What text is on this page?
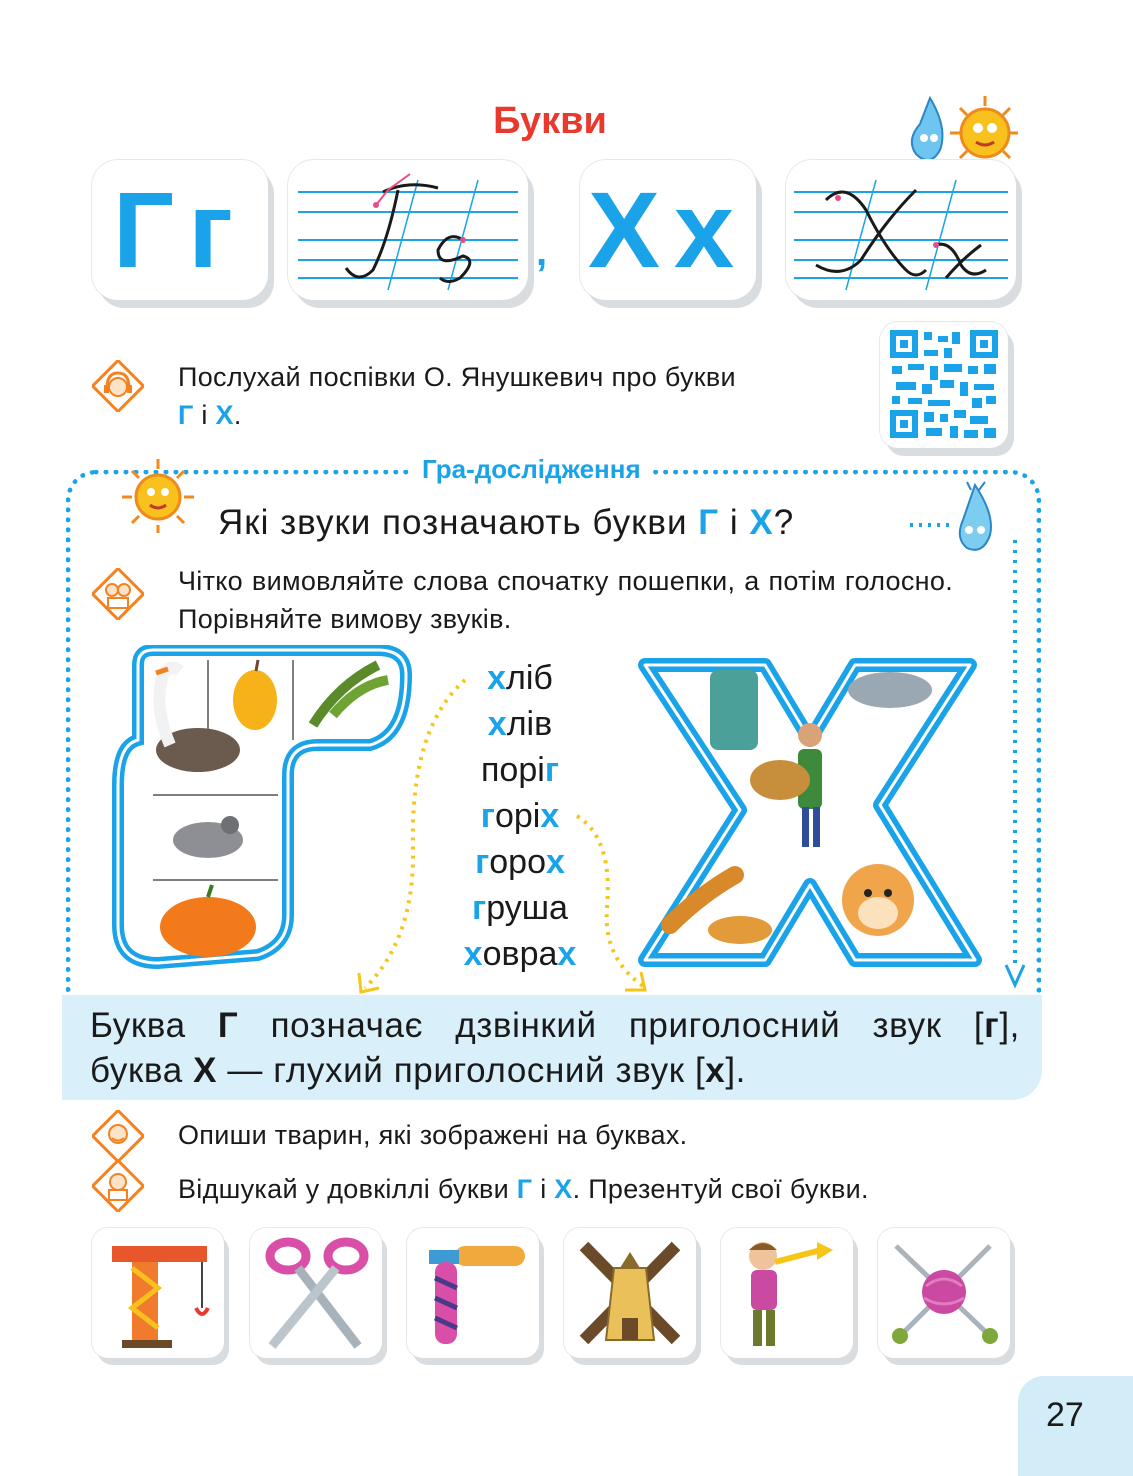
Букви
Гг	, Хх
Послухай поспівки О. Янушкевич про букви
Г і Х.
Гра-дослідження
Які звуки позначають букви Г і Х?
Чітко вимовляйте слова спочатку пошепки, а потім голосно. Порівняйте вимову звуків.
хліб
хлів
поріг
горіх
горох
груша
ховрах
Буква Г позначає дзвінкий приголосний звук [г],
буква Х — глухий приголосний звук [х].
Опиши тварин, які зображені на буквах.
Відшукай у довкіллі букви Г і Х. Презентуй свої букви.
27
